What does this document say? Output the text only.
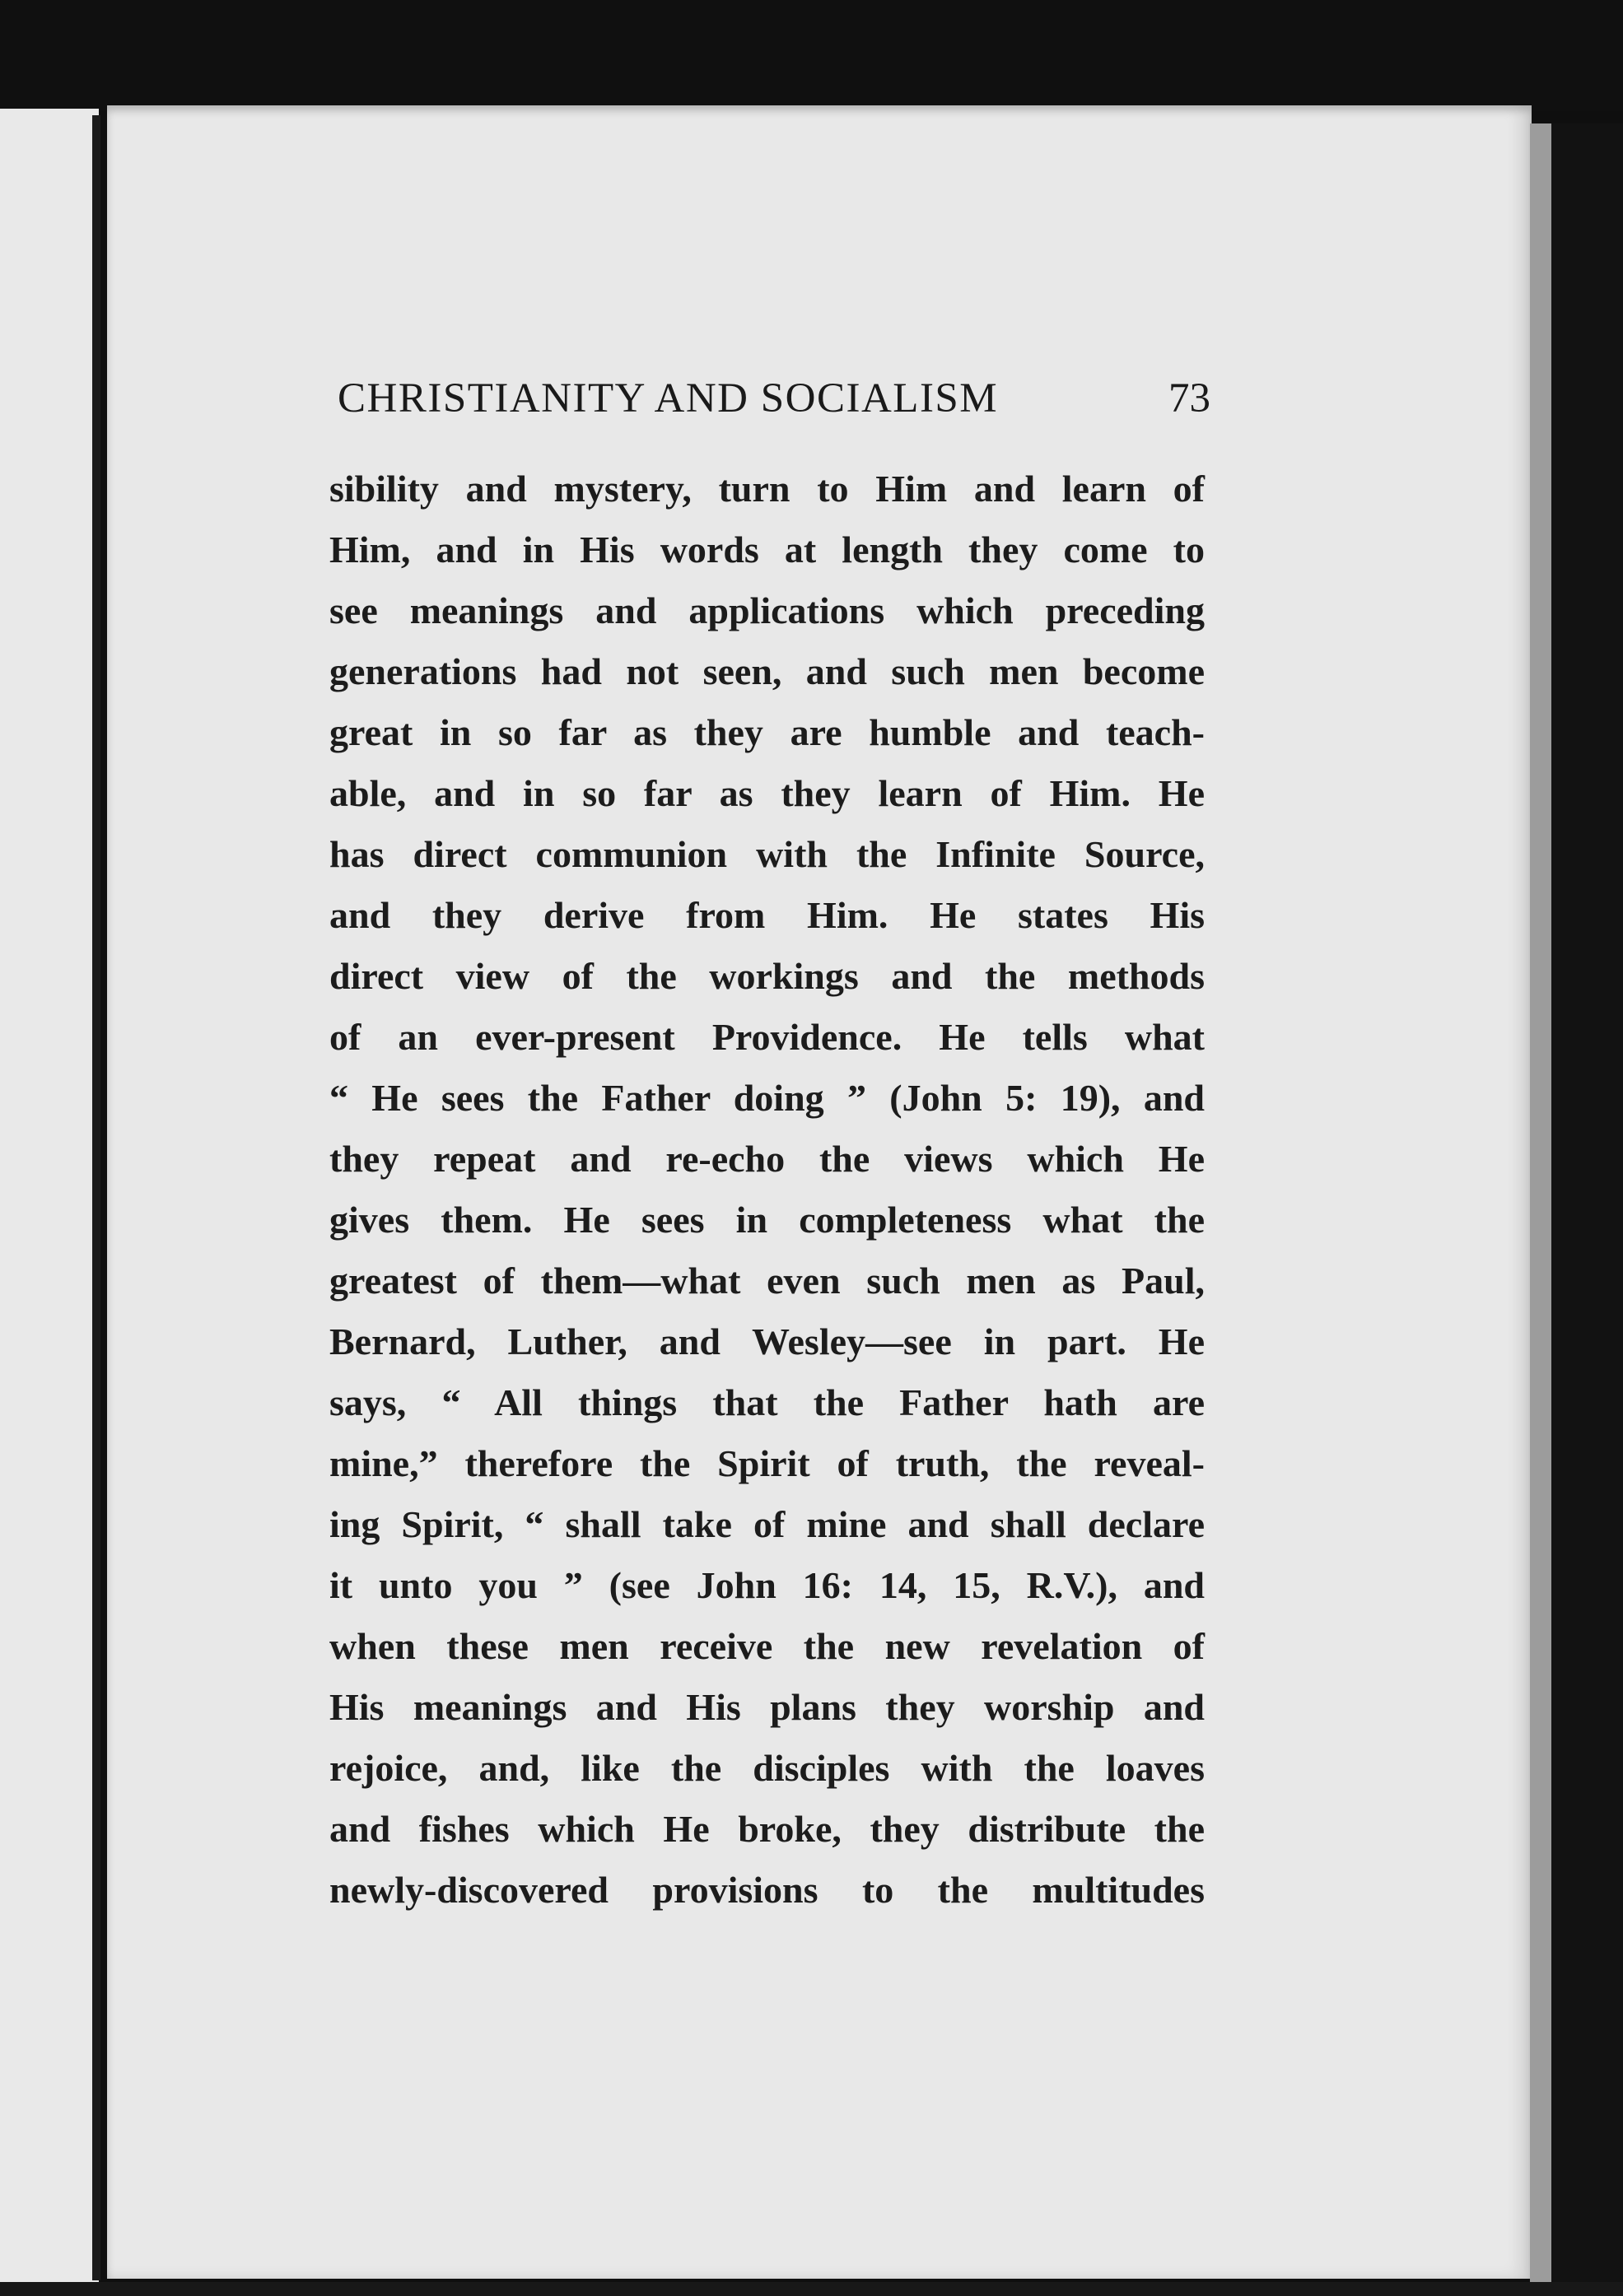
CHRISTIANITY AND SOCIALISM	73
sibility and mystery, turn to Him and learn of
Him, and in His words at length they come to
see meanings and applications which preceding
generations had not seen, and such men become
great in so far as they are humble and teach-
able, and in so far as they learn of Him. He
has direct communion with the Infinite Source,
and they derive from Him. He states His
direct view of the workings and the methods
of an ever-present Providence. He tells what
“ He sees the Father doing ” (John 5: 19), and
they repeat and re-echo the views which He
gives them. He sees in completeness what the
greatest of them—what even such men as Paul,
Bernard, Luther, and Wesley—see in part. He
says, “ All things that the Father hath are
mine,” therefore the Spirit of truth, the reveal-
ing Spirit, “ shall take of mine and shall declare
it unto you ” (see John 16: 14, 15, R.V.), and
when these men receive the new revelation of
His meanings and His plans they worship and
rejoice, and, like the disciples with the loaves
and fishes which He broke, they distribute the
newly-discovered provisions to the multitudes
